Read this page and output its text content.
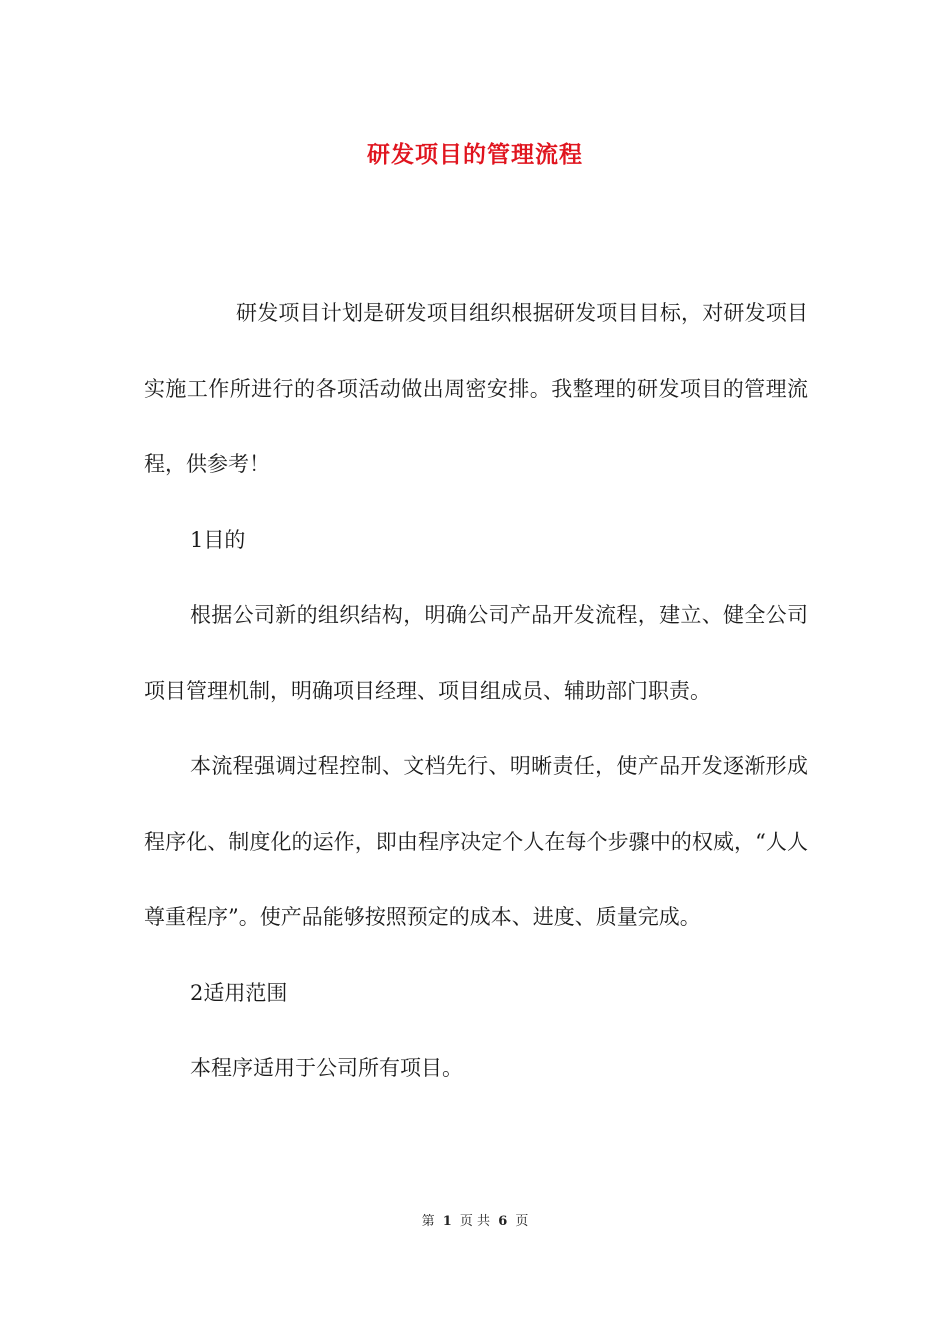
研发项目的管理流程

研发项目计划是研发项目组织根据研发项目目标，对研发项目实施工作所进行的各项活动做出周密安排。我整理的研发项目的管理流程，供参考！

1目的

根据公司新的组织结构，明确公司产品开发流程，建立、健全公司项目管理机制，明确项目经理、项目组成员、辅助部门职责。

本流程强调过程控制、文档先行、明晰责任，使产品开发逐渐形成程序化、制度化的运作，即由程序决定个人在每个步骤中的权威，“人人尊重程序”。使产品能够按照预定的成本、进度、质量完成。

2适用范围

本程序适用于公司所有项目。

第 1 页 共 6 页
